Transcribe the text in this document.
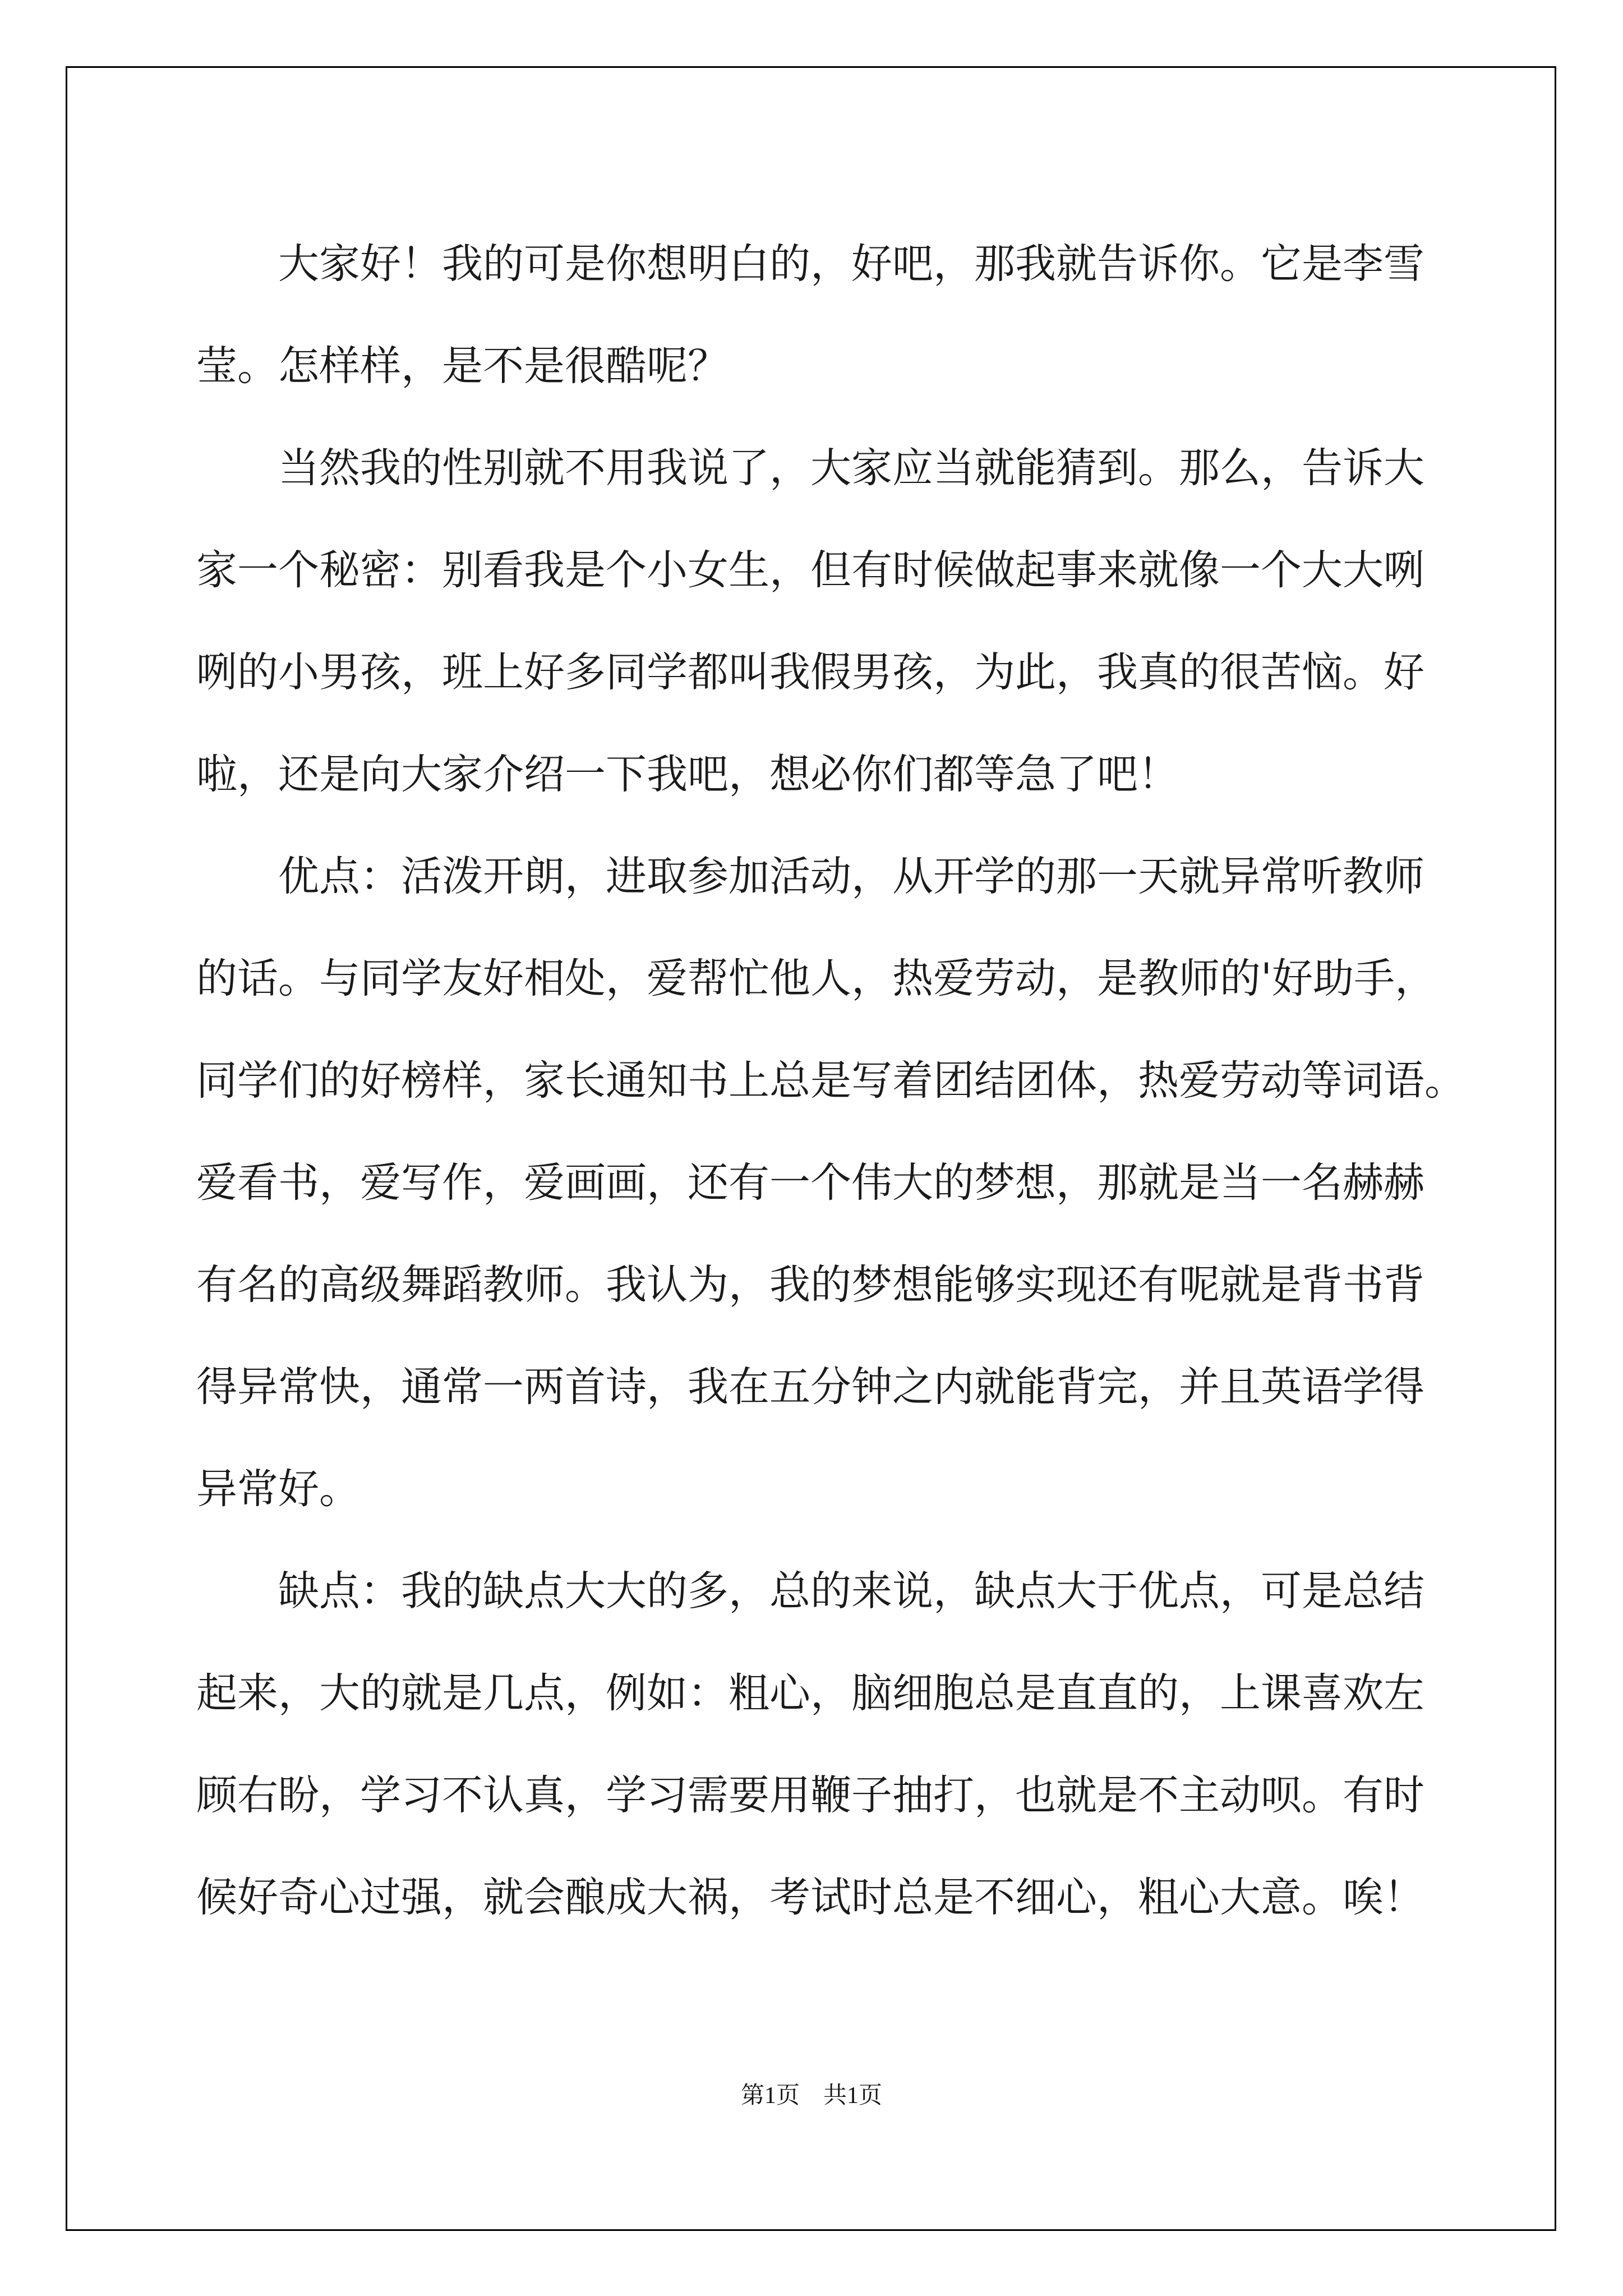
大家好！我的可是你想明白的，好吧，那我就告诉你。它是李雪
莹。怎样样，是不是很酷呢？
当然我的性别就不用我说了，大家应当就能猜到。那么，告诉大
家一个秘密：别看我是个小女生，但有时候做起事来就像一个大大咧
咧的小男孩，班上好多同学都叫我假男孩，为此，我真的很苦恼。好
啦，还是向大家介绍一下我吧，想必你们都等急了吧！
优点：活泼开朗，进取参加活动，从开学的那一天就异常听教师
的话。与同学友好相处，爱帮忙他人，热爱劳动，是教师的'好助手，
同学们的好榜样，家长通知书上总是写着团结团体，热爱劳动等词语。
爱看书，爱写作，爱画画，还有一个伟大的梦想，那就是当一名赫赫
有名的高级舞蹈教师。我认为，我的梦想能够实现还有呢就是背书背
得异常快，通常一两首诗，我在五分钟之内就能背完，并且英语学得
异常好。
缺点：我的缺点大大的多，总的来说，缺点大于优点，可是总结
起来，大的就是几点，例如：粗心，脑细胞总是直直的，上课喜欢左
顾右盼，学习不认真，学习需要用鞭子抽打，也就是不主动呗。有时
候好奇心过强，就会酿成大祸，考试时总是不细心，粗心大意。唉！
第1页　共1页
